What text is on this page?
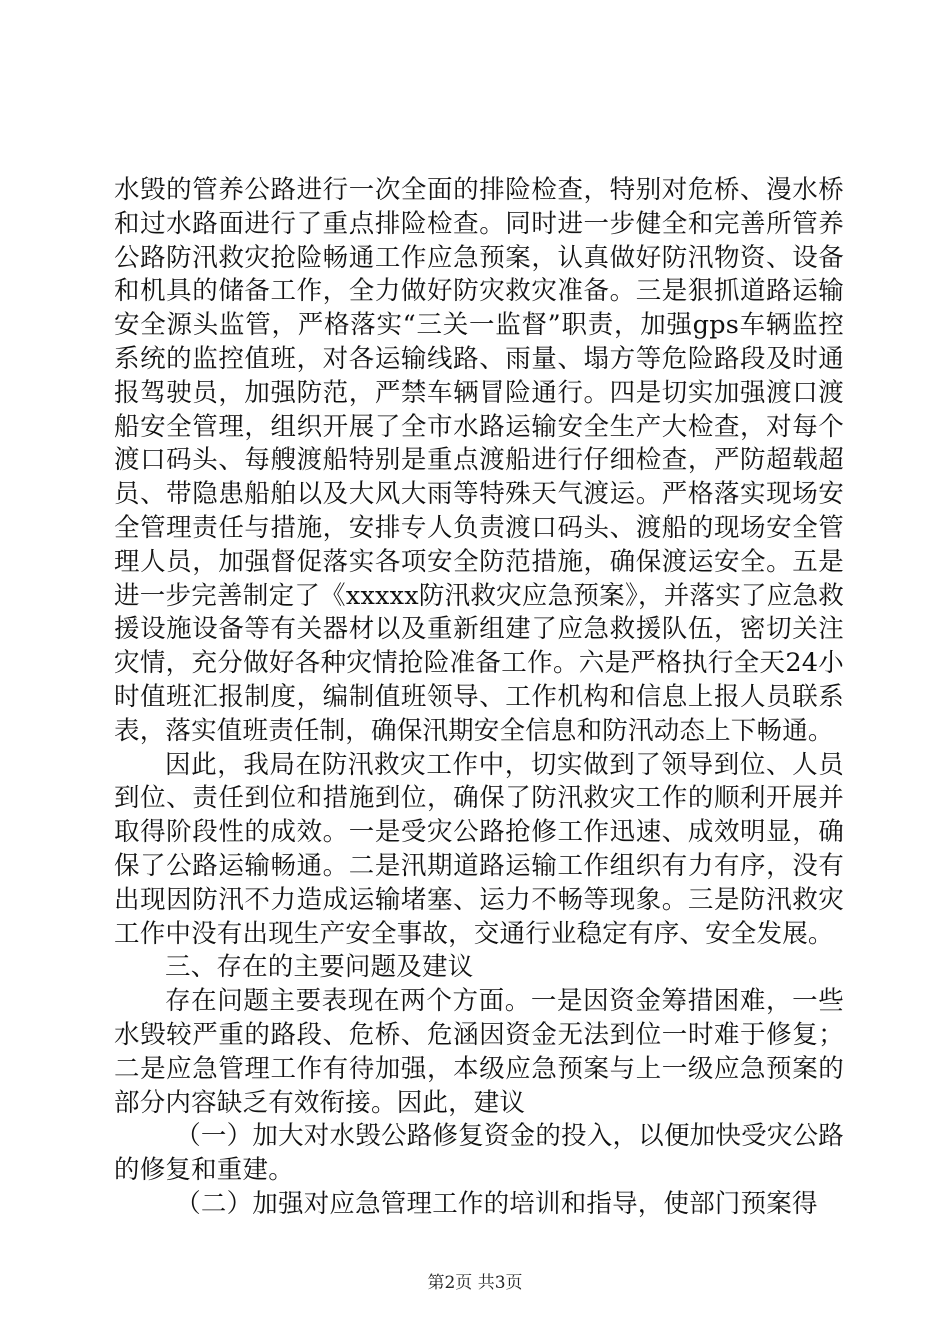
水毁的管养公路进行一次全面的排险检查，特别对危桥、漫水桥和过水路面进行了重点排险检查。同时进一步健全和完善所管养公路防汛救灾抢险畅通工作应急预案，认真做好防汛物资、设备和机具的储备工作，全力做好防灾救灾准备。三是狠抓道路运输安全源头监管，严格落实“三关一监督”职责，加强gps车辆监控系统的监控值班，对各运输线路、雨量、塌方等危险路段及时通报驾驶员，加强防范，严禁车辆冒险通行。四是切实加强渡口渡船安全管理，组织开展了全市水路运输安全生产大检查，对每个渡口码头、每艘渡船特别是重点渡船进行仔细检查，严防超载超员、带隐患船舶以及大风大雨等特殊天气渡运。严格落实现场安全管理责任与措施，安排专人负责渡口码头、渡船的现场安全管理人员，加强督促落实各项安全防范措施，确保渡运安全。五是进一步完善制定了《xxxxx防汛救灾应急预案》，并落实了应急救援设施设备等有关器材以及重新组建了应急救援队伍，密切关注灾情，充分做好各种灾情抢险准备工作。六是严格执行全天24小时值班汇报制度，编制值班领导、工作机构和信息上报人员联系表，落实值班责任制，确保汛期安全信息和防汛动态上下畅通。

因此，我局在防汛救灾工作中，切实做到了领导到位、人员到位、责任到位和措施到位，确保了防汛救灾工作的顺利开展并取得阶段性的成效。一是受灾公路抢修工作迅速、成效明显，确保了公路运输畅通。二是汛期道路运输工作组织有力有序，没有出现因防汛不力造成运输堵塞、运力不畅等现象。三是防汛救灾工作中没有出现生产安全事故，交通行业稳定有序、安全发展。

三、存在的主要问题及建议

存在问题主要表现在两个方面。一是因资金筹措困难，一些水毁较严重的路段、危桥、危涵因资金无法到位一时难于修复；二是应急管理工作有待加强，本级应急预案与上一级应急预案的部分内容缺乏有效衔接。因此，建议

（一）加大对水毁公路修复资金的投入，以便加快受灾公路的修复和重建。

（二）加强对应急管理工作的培训和指导，使部门预案得

第2页 共3页
